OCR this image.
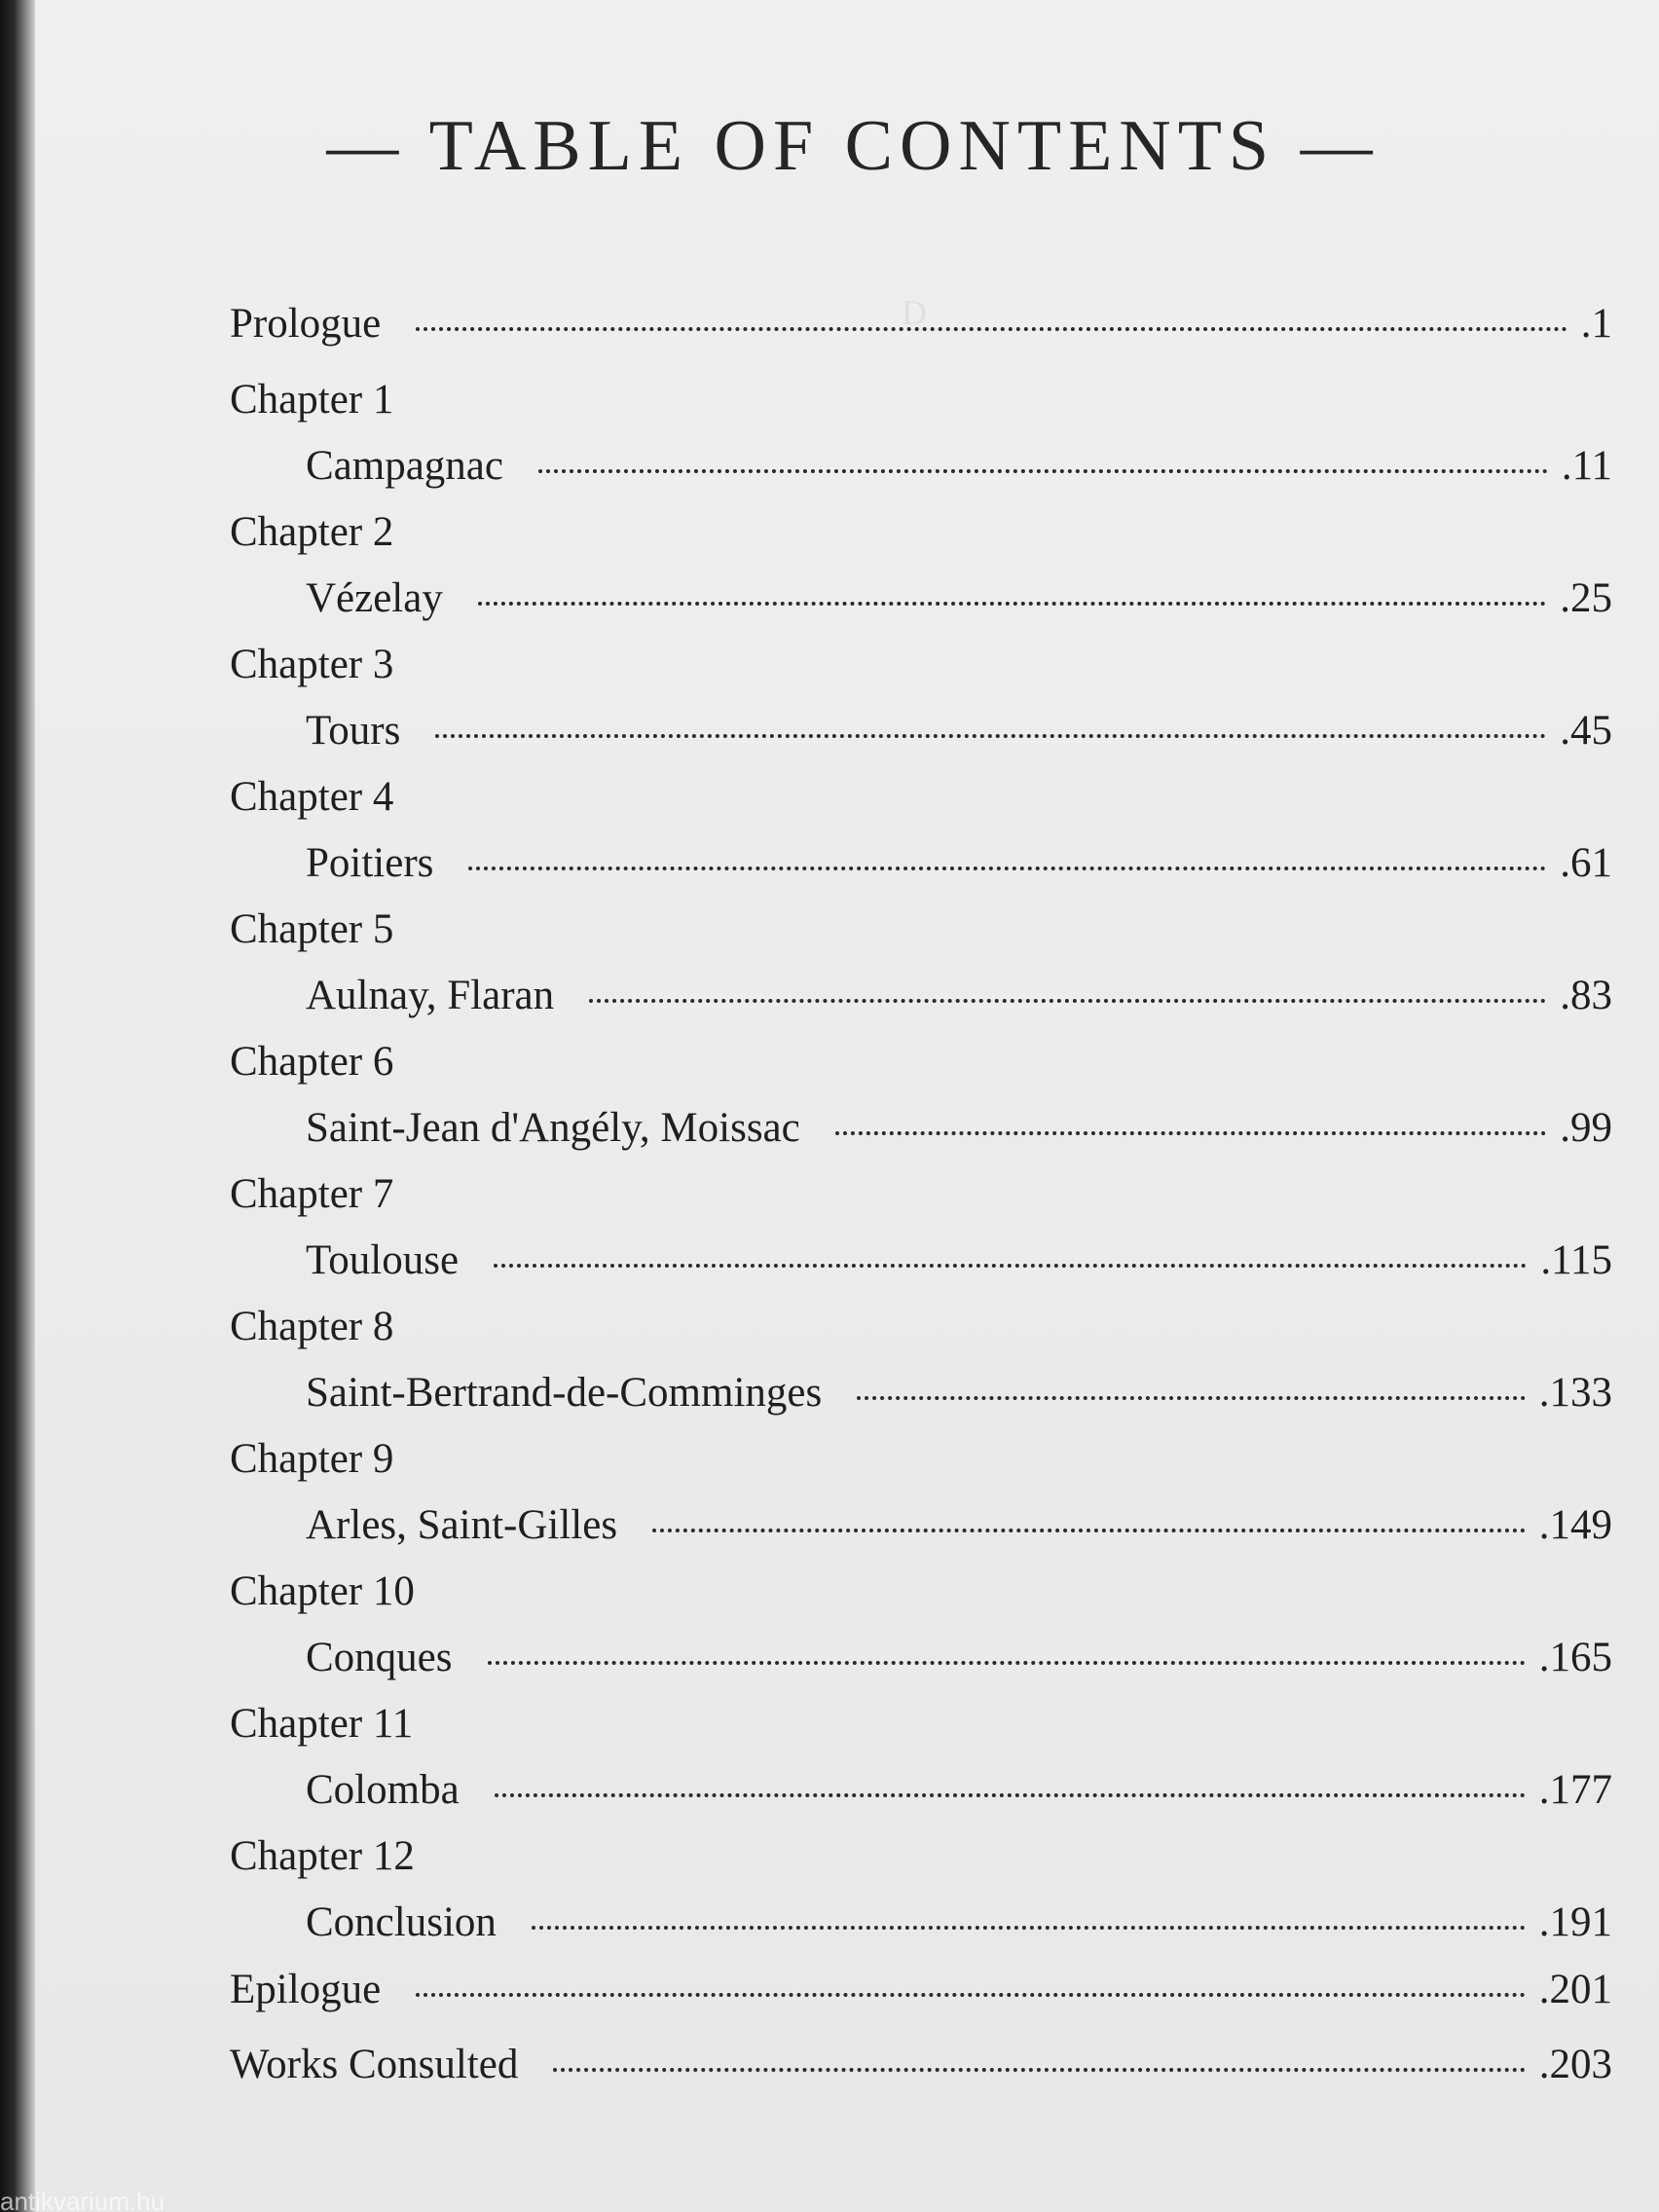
D
— TABLE OF CONTENTS —
Prologue	.1
Chapter 1
Campagnac	.11
Chapter 2
Vézelay	.25
Chapter 3
Tours	.45
Chapter 4
Poitiers	.61
Chapter 5
Aulnay, Flaran	.83
Chapter 6
Saint-Jean d'Angély, Moissac	.99
Chapter 7
Toulouse	.115
Chapter 8
Saint-Bertrand-de-Comminges	.133
Chapter 9
Arles, Saint-Gilles	.149
Chapter 10
Conques	.165
Chapter 11
Colomba	.177
Chapter 12
Conclusion	.191
Epilogue	.201
Works Consulted	.203
antikvarium.hu
